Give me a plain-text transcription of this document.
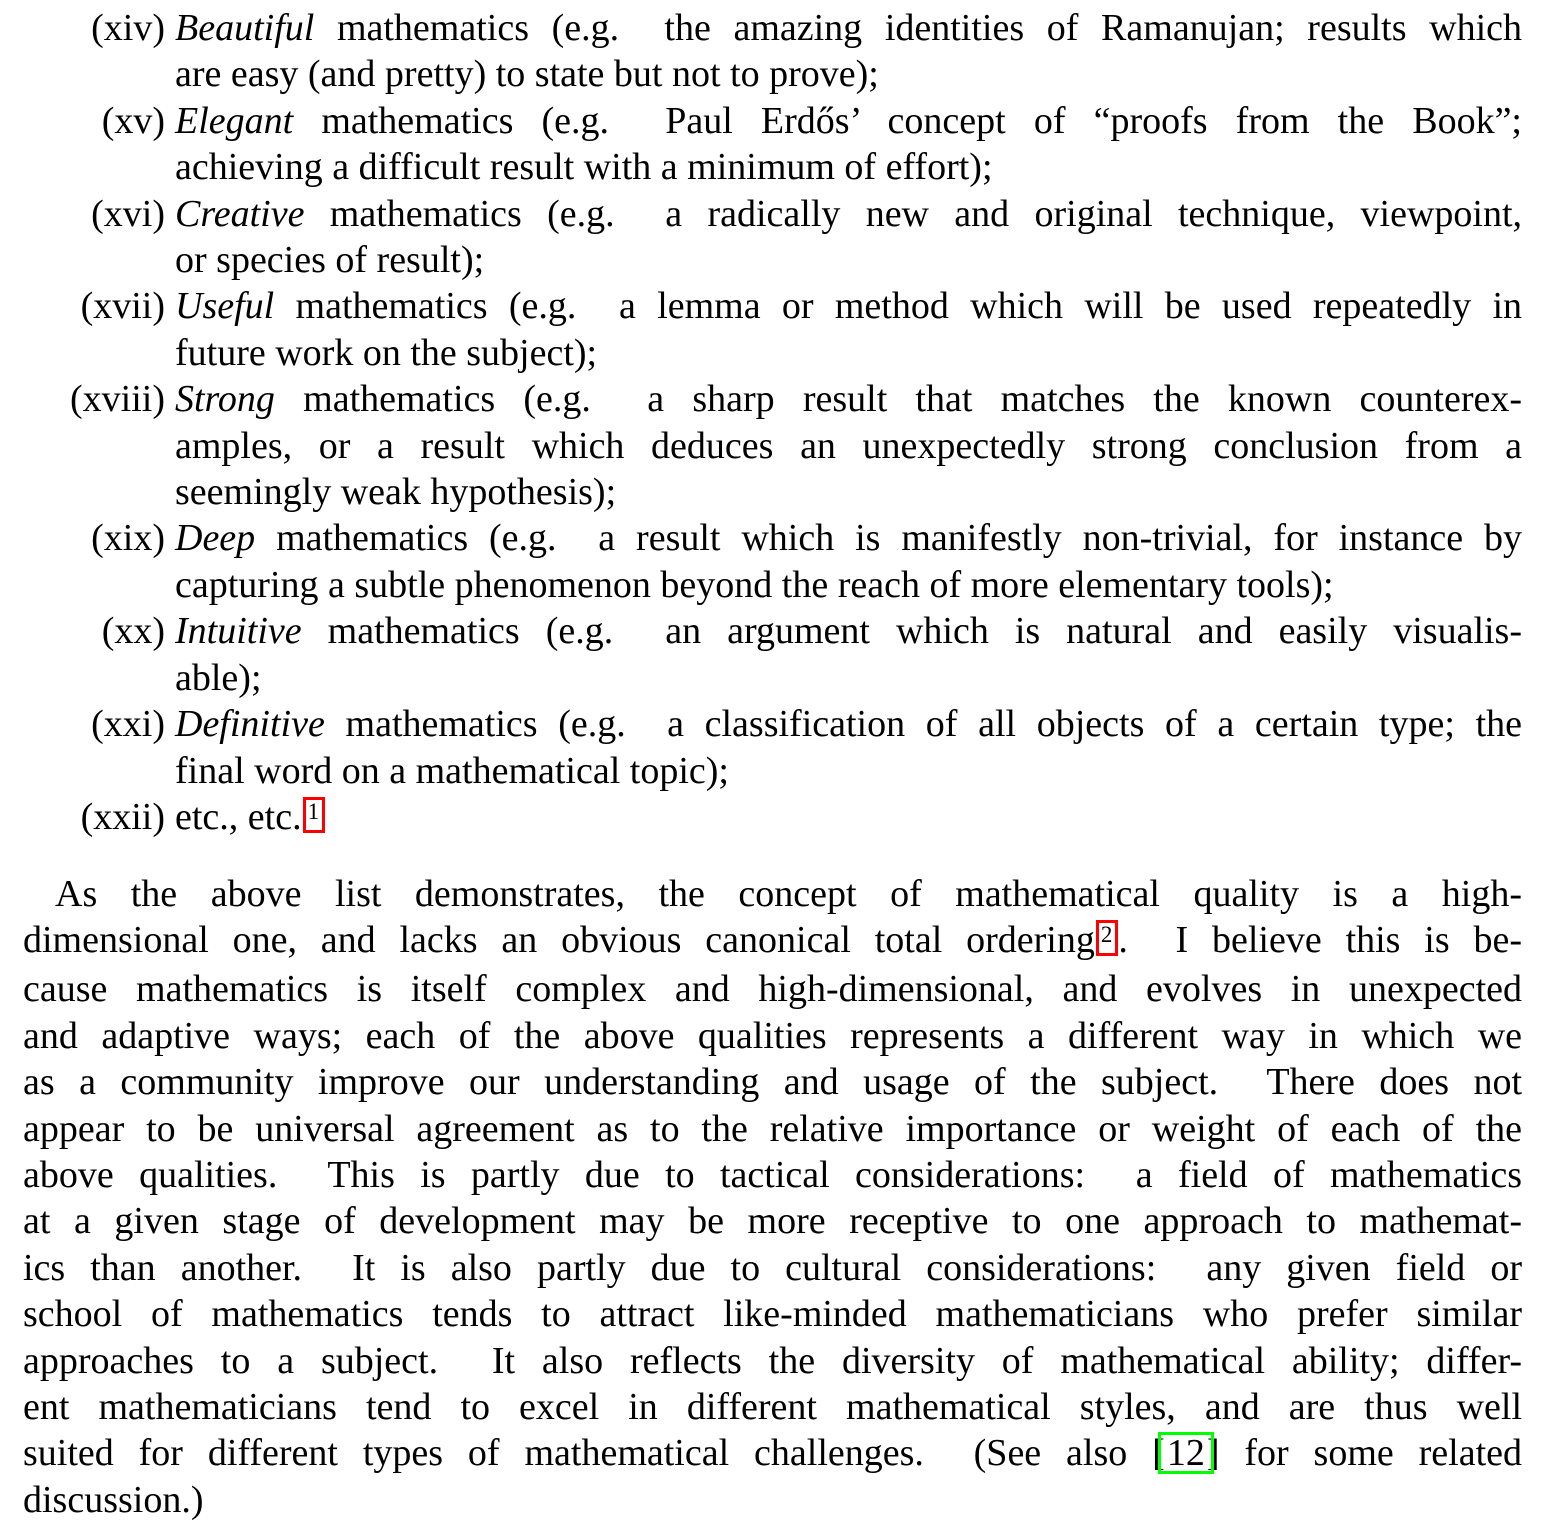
(xiv) Beautiful mathematics (e.g.  the amazing identities of Ramanujan; results which
are easy (and pretty) to state but not to prove);
(xv) Elegant mathematics (e.g.  Paul Erdős’ concept of “proofs from the Book”;
achieving a difficult result with a minimum of effort);
(xvi) Creative mathematics (e.g.  a radically new and original technique, viewpoint,
or species of result);
(xvii) Useful mathematics (e.g.  a lemma or method which will be used repeatedly in
future work on the subject);
(xviii) Strong mathematics (e.g.  a sharp result that matches the known counterex-
amples, or a result which deduces an unexpectedly strong conclusion from a
seemingly weak hypothesis);
(xix) Deep mathematics (e.g.  a result which is manifestly non-trivial, for instance by
capturing a subtle phenomenon beyond the reach of more elementary tools);
(xx) Intuitive mathematics (e.g.  an argument which is natural and easily visualis-
able);
(xxi) Definitive mathematics (e.g.  a classification of all objects of a certain type; the
final word on a mathematical topic);
(xxii) etc., etc. 1
As the above list demonstrates, the concept of mathematical quality is a high-
dimensional one, and lacks an obvious canonical total ordering 2 .  I believe this is be-
cause mathematics is itself complex and high-dimensional, and evolves in unexpected
and adaptive ways; each of the above qualities represents a different way in which we
as a community improve our understanding and usage of the subject.  There does not
appear to be universal agreement as to the relative importance or weight of each of the
above qualities.  This is partly due to tactical considerations:  a field of mathematics
at a given stage of development may be more receptive to one approach to mathemat-
ics than another.  It is also partly due to cultural considerations:  any given field or
school of mathematics tends to attract like-minded mathematicians who prefer similar
approaches to a subject.  It also reflects the diversity of mathematical ability; differ-
ent mathematicians tend to excel in different mathematical styles, and are thus well
suited for different types of mathematical challenges.  (See also [12] for some related
discussion.)
